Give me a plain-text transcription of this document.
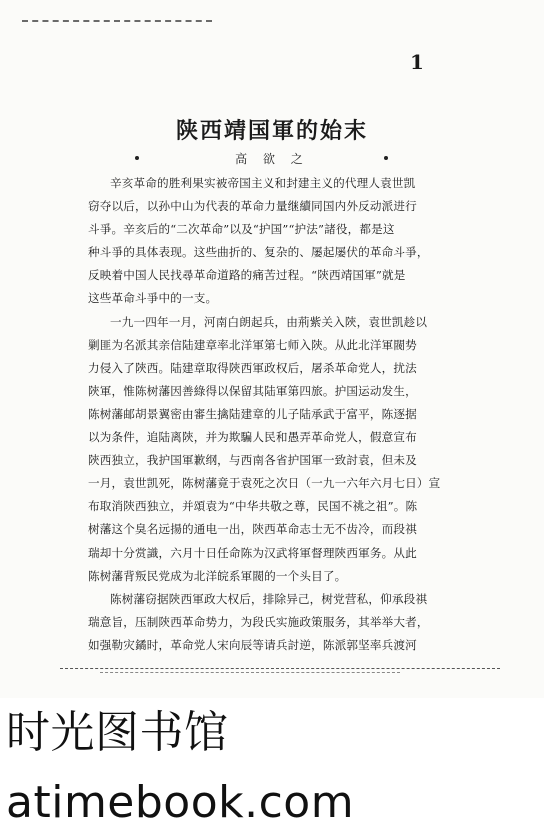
1
陕西靖国軍的始末
高 欲 之
辛亥革命的胜利果实被帝国主义和封建主义的代理人袁世凯
窃夺以后，以孙中山为代表的革命力量继續同国内外反动派进行
斗爭。辛亥后的“二次革命”以及“护国”“护法”諸役，都是这
种斗爭的具体表现。这些曲折的、复杂的、屡起屡伏的革命斗爭，
反映着中国人民找尋革命道路的痛苦过程。“陝西靖国軍”就是
这些革命斗爭中的一支。
一九一四年一月，河南白朗起兵，由荊紫关入陝，袁世凯趁以
剿匪为名派其亲信陆建章率北洋軍第七师入陝。从此北洋軍閥势
力侵入了陝西。陆建章取得陝西軍政权后，屠杀革命党人，扰法
陝軍，惟陈树藩因善綠得以保留其陆軍第四旅。护国运动发生，
陈树藩邮胡景翼密由審生擒陆建章的儿子陆承武于富平，陈逐据
以为条件，追陆离陝，并为欺騙人民和愚弄革命党人，假意宣布
陝西独立，我护国軍歉纲，与西南各省护国軍一致討袁，但未及
一月，袁世凯死，陈树藩竟于袁死之次日（一九一六年六月七日）宣
布取消陝西独立，并頌袁为“中华共敬之尊，民国不祧之祖”。陈
树藩这个臭名远揚的通电一出，陝西革命志士无不齿冷，而段祺
瑞却十分赏識，六月十日任命陈为汉武将軍督理陝西軍务。从此
陈树藩背叛民党成为北洋皖系軍閥的一个头目了。
陈树藩窃据陝西軍政大权后，排除异己，树党营私，仰承段祺
瑞意旨，压制陝西革命势力，为段氏实施政策服务，其举举大者，
如强勒灾鐍时，革命党人宋向辰等请兵討逆，陈派郭坚率兵渡河
时光图书馆atimebook.com
